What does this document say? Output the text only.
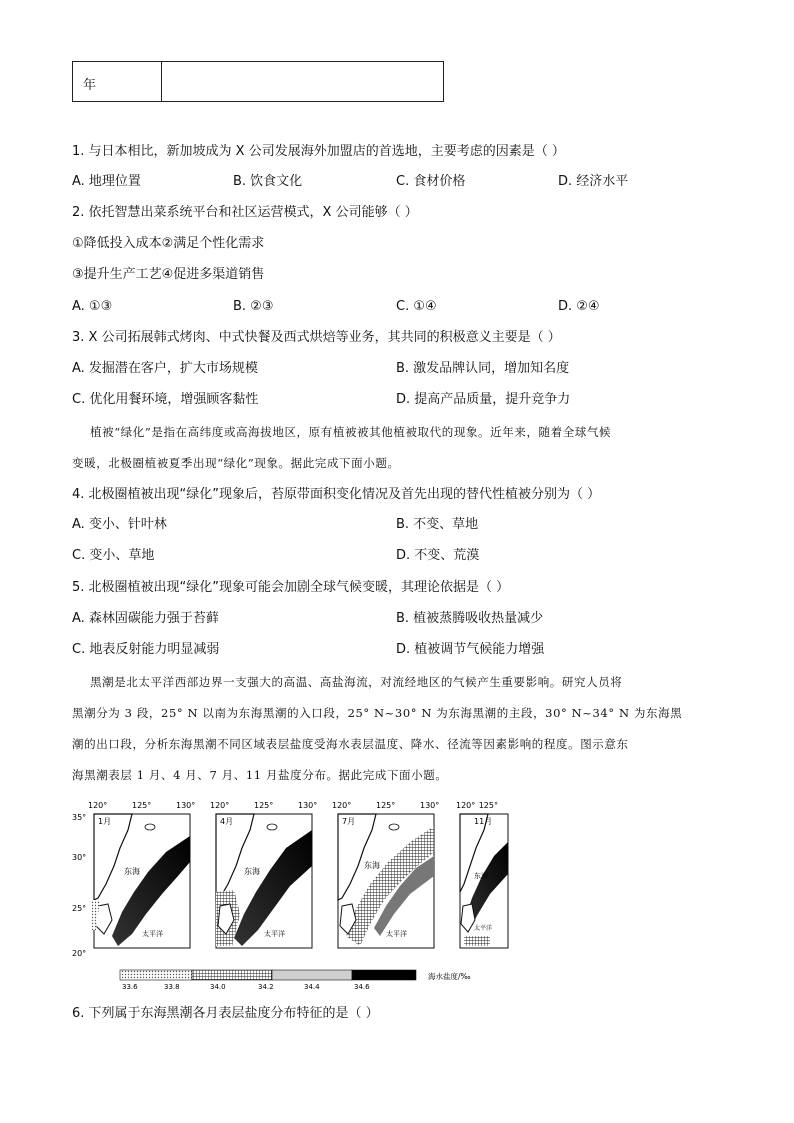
年
1. 与日本相比，新加坡成为 X 公司发展海外加盟店的首选地，主要考虑的因素是（ ）
A. 地理位置	B. 饮食文化	C. 食材价格	D. 经济水平
2. 依托智慧出菜系统平台和社区运营模式，X 公司能够（ ）
①降低投入成本②满足个性化需求
③提升生产工艺④促进多渠道销售
A. ①③	B. ②③	C. ①④	D. ②④
3. X 公司拓展韩式烤肉、中式快餐及西式烘焙等业务，其共同的积极意义主要是（ ）
A. 发掘潜在客户，扩大市场规模	B. 激发品牌认同，增加知名度
C. 优化用餐环境，增强顾客黏性	D. 提高产品质量，提升竞争力
植被“绿化”是指在高纬度或高海拔地区，原有植被被其他植被取代的现象。近年来，随着全球气候
变暖，北极圈植被夏季出现“绿化”现象。据此完成下面小题。
4. 北极圈植被出现“绿化”现象后，苔原带面积变化情况及首先出现的替代性植被分别为（ ）
A. 变小、针叶林	B. 不变、草地
C. 变小、草地	D. 不变、荒漠
5. 北极圈植被出现“绿化”现象可能会加剧全球气候变暖，其理论依据是（ ）
A. 森林固碳能力强于苔藓	B. 植被蒸腾吸收热量减少
C. 地表反射能力明显减弱	D. 植被调节气候能力增强
黑潮是北太平洋西部边界一支强大的高温、高盐海流，对流经地区的气候产生重要影响。研究人员将
黑潮分为 3 段，25° N 以南为东海黑潮的入口段，25° N~30° N 为东海黑潮的主段，30° N~34° N 为东海黑
潮的出口段，分析东海黑潮不同区域表层盐度受海水表层温度、降水、径流等因素影响的程度。图示意东
海黑潮表层 1 月、4 月、7 月、11 月盐度分布。据此完成下面小题。
120°	125°	130° 120°	125°	130° 120°	125°	130° 120° 125°
35°
30°
25°
20°
1月
东海
太平洋
4月
东海
太平洋
7月
东海
太平洋
11月
东海
太平洋
33.6	33.8	34.0	34.2	34.4	34.6
海水盐度/‰
6. 下列属于东海黑潮各月表层盐度分布特征的是（ ）
